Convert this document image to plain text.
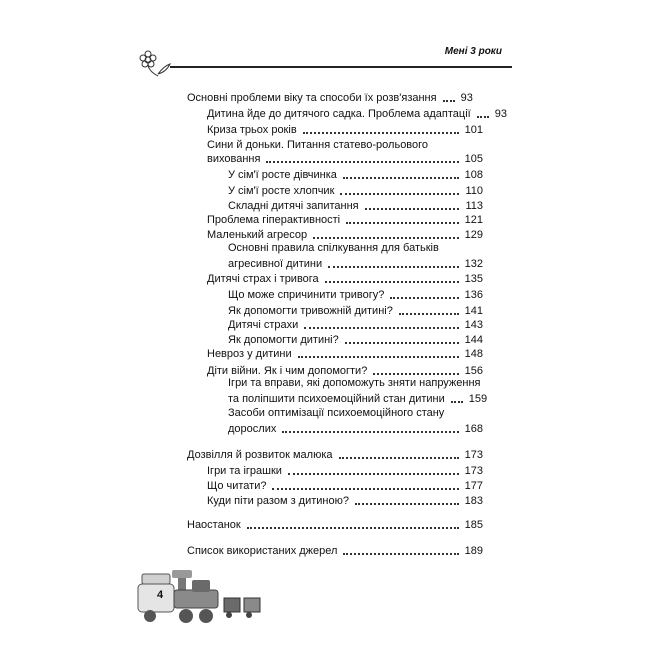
Мені 3 роки
Основні проблеми віку та способи їх розв'язання 93
Дитина йде до дитячого садка. Проблема адаптації 93
Криза трьох років	101
Сини й доньки. Питання статево-рольового
виховання	105
У сім'ї росте дівчинка	108
У сім'ї росте хлопчик	110
Складні дитячі запитання	113
Проблема гіперактивності	121
Маленький агресор	129
Основні правила спілкування для батьків
агресивної дитини	132
Дитячі страх і тривога	135
Що може спричинити тривогу?	136
Як допомогти тривожній дитині?	141
Дитячі страхи	143
Як допомогти дитині?	144
Невроз у дитини	148
Діти війни. Як і чим допомогти?	156
Ігри та вправи, які допоможуть зняти напруження
та поліпшити психоемоційний стан дитини 159
Засоби оптимізації психоемоційного стану
дорослих	168
Дозвілля й розвиток малюка	173
Ігри та іграшки	173
Що читати?	177
Куди піти разом з дитиною?	183
Наостанок	185
Список використаних джерел	189
4
